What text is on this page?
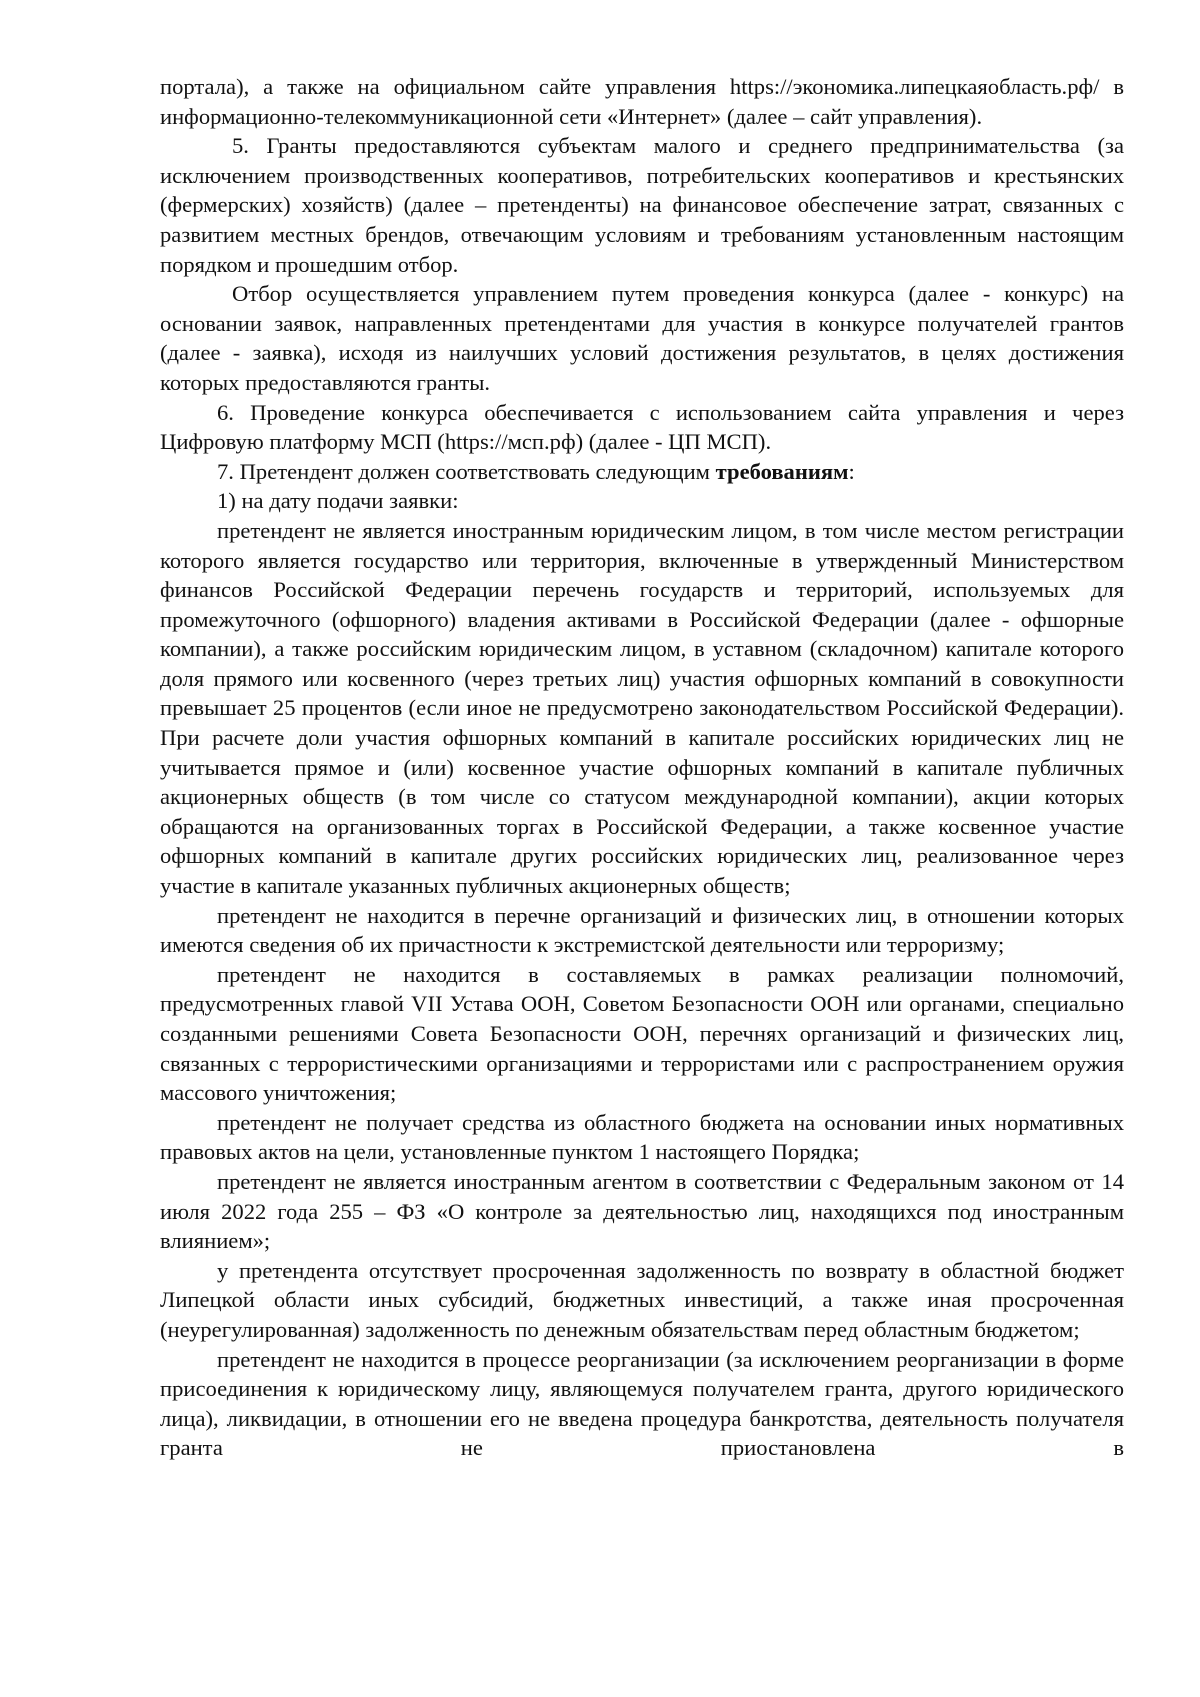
портала), а также на официальном сайте управления https://экономика.липецкаяобласть.рф/ в информационно-телекоммуникационной сети «Интернет» (далее – сайт управления).

5. Гранты предоставляются субъектам малого и среднего предпринимательства (за исключением производственных кооперативов, потребительских кооперативов и крестьянских (фермерских) хозяйств) (далее – претенденты) на финансовое обеспечение затрат, связанных с развитием местных брендов, отвечающим условиям и требованиям установленным настоящим порядком и прошедшим отбор.

Отбор осуществляется управлением путем проведения конкурса (далее - конкурс) на основании заявок, направленных претендентами для участия в конкурсе получателей грантов (далее - заявка), исходя из наилучших условий достижения результатов, в целях достижения которых предоставляются гранты.

6. Проведение конкурса обеспечивается с использованием сайта управления и через Цифровую платформу МСП (https://мсп.рф) (далее - ЦП МСП).

7. Претендент должен соответствовать следующим требованиям:

1) на дату подачи заявки:

претендент не является иностранным юридическим лицом, в том числе местом регистрации которого является государство или территория, включенные в утвержденный Министерством финансов Российской Федерации перечень государств и территорий, используемых для промежуточного (офшорного) владения активами в Российской Федерации (далее - офшорные компании), а также российским юридическим лицом, в уставном (складочном) капитале которого доля прямого или косвенного (через третьих лиц) участия офшорных компаний в совокупности превышает 25 процентов (если иное не предусмотрено законодательством Российской Федерации). При расчете доли участия офшорных компаний в капитале российских юридических лиц не учитывается прямое и (или) косвенное участие офшорных компаний в капитале публичных акционерных обществ (в том числе со статусом международной компании), акции которых обращаются на организованных торгах в Российской Федерации, а также косвенное участие офшорных компаний в капитале других российских юридических лиц, реализованное через участие в капитале указанных публичных акционерных обществ;

претендент не находится в перечне организаций и физических лиц, в отношении которых имеются сведения об их причастности к экстремистской деятельности или терроризму;

претендент не находится в составляемых в рамках реализации полномочий, предусмотренных главой VII Устава ООН, Советом Безопасности ООН или органами, специально созданными решениями Совета Безопасности ООН, перечнях организаций и физических лиц, связанных с террористическими организациями и террористами или с распространением оружия массового уничтожения;

претендент не получает средства из областного бюджета на основании иных нормативных правовых актов на цели, установленные пунктом 1 настоящего Порядка;

претендент не является иностранным агентом в соответствии с Федеральным законом от 14 июля 2022 года 255 – ФЗ «О контроле за деятельностью лиц, находящихся под иностранным влиянием»;

у претендента отсутствует просроченная задолженность по возврату в областной бюджет Липецкой области иных субсидий, бюджетных инвестиций, а также иная просроченная (неурегулированная) задолженность по денежным обязательствам перед областным бюджетом;

претендент не находится в процессе реорганизации (за исключением реорганизации в форме присоединения к юридическому лицу, являющемуся получателем гранта, другого юридического лица), ликвидации, в отношении его не введена процедура банкротства, деятельность получателя гранта не приостановлена в
